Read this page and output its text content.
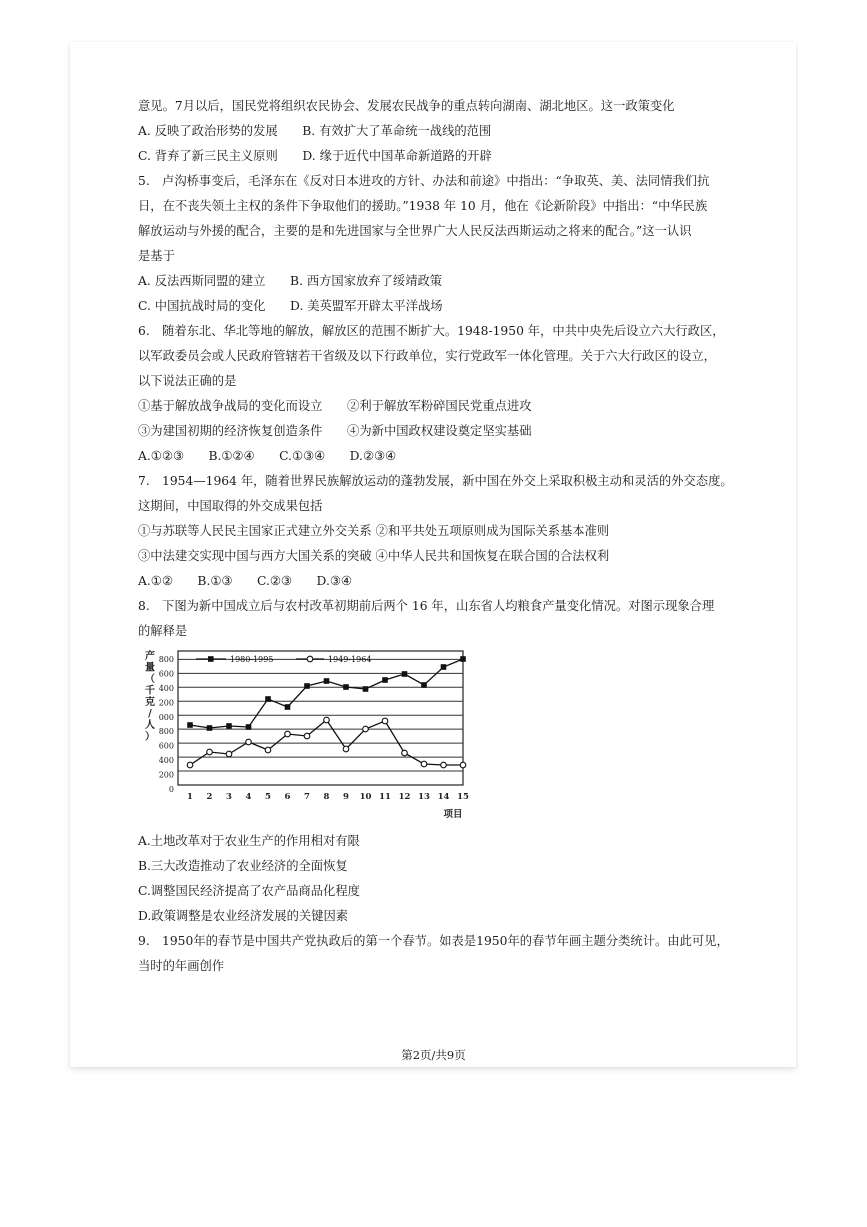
意见。7月以后，国民党将组织农民协会、发展农民战争的重点转向湖南、湖北地区。这一政策变化
A. 反映了政治形势的发展　　B. 有效扩大了革命统一战线的范围
C. 背弃了新三民主义原则　　D. 缘于近代中国革命新道路的开辟
5.　卢沟桥事变后，毛泽东在《反对日本进攻的方针、办法和前途》中指出：“争取英、美、法同情我们抗
日，在不丧失领土主权的条件下争取他们的援助。”1938 年 10 月，他在《论新阶段》中指出：“中华民族
解放运动与外援的配合，主要的是和先进国家与全世界广大人民反法西斯运动之将来的配合。”这一认识
是基于
A. 反法西斯同盟的建立　　B. 西方国家放弃了绥靖政策
C. 中国抗战时局的变化　　D. 美英盟军开辟太平洋战场
6.　随着东北、华北等地的解放，解放区的范围不断扩大。1948-1950 年，中共中央先后设立六大行政区，
以军政委员会或人民政府管辖若干省级及以下行政单位，实行党政军一体化管理。关于六大行政区的设立，
以下说法正确的是
①基于解放战争战局的变化而设立　　②利于解放军粉碎国民党重点进攻
③为建国初期的经济恢复创造条件　　④为新中国政权建设奠定坚实基础
A.①②③　　B.①②④　　C.①③④　　D.②③④
7.　1954—1964 年，随着世界民族解放运动的蓬勃发展，新中国在外交上采取积极主动和灵活的外交态度。
这期间，中国取得的外交成果包括
①与苏联等人民民主国家正式建立外交关系 ②和平共处五项原则成为国际关系基本准则
③中法建交实现中国与西方大国关系的突破 ④中华人民共和国恢复在联合国的合法权利
A.①②　　B.①③　　C.②③　　D.③④
8.　下图为新中国成立后与农村改革初期前后两个 16 年，山东省人均粮食产量变化情况。对图示现象合理
的解释是
800
600
400
200
000
800
600
400
200
0
产
量
（
千
克
/
人
）
1 2 3 4 5 6 7 8 9 10 11 12 13 14 15
项目
1980-1995	1949-1964
A.土地改革对于农业生产的作用相对有限
B.三大改造推动了农业经济的全面恢复
C.调整国民经济提高了农产品商品化程度
D.政策调整是农业经济发展的关键因素
9.　1950年的春节是中国共产党执政后的第一个春节。如表是1950年的春节年画主题分类统计。由此可见，
当时的年画创作
第2页/共9页
